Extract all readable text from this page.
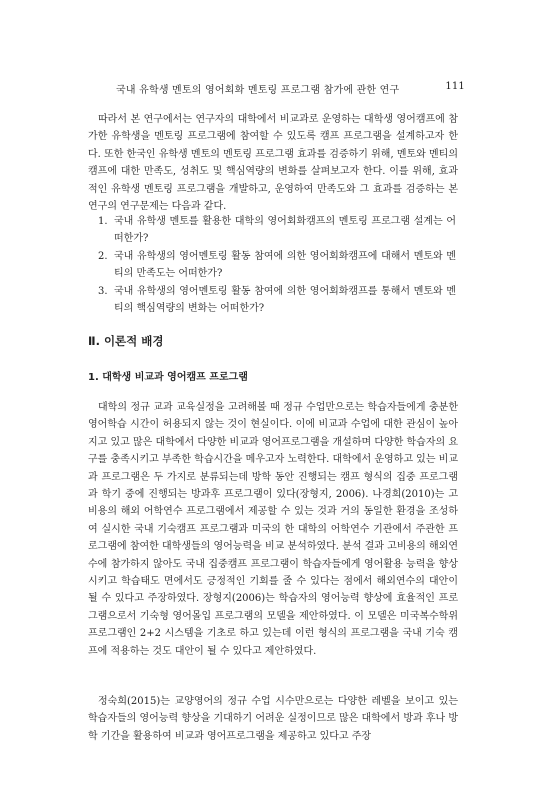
국내 유학생 멘토의 영어회화 멘토링 프로그램 참가에 관한 연구	111

따라서 본 연구에서는 연구자의 대학에서 비교과로 운영하는 대학생 영어캠프에 참가한 유학생을 멘토링 프로그램에 참여할 수 있도록 캠프 프로그램을 설계하고자 한다. 또한 한국인 유학생 멘토의 멘토링 프로그램 효과를 검증하기 위해, 멘토와 멘티의 캠프에 대한 만족도, 성취도 및 핵심역량의 변화를 살펴보고자 한다. 이를 위해, 효과적인 유학생 멘토링 프로그램을 개발하고, 운영하여 만족도와 그 효과를 검증하는 본 연구의 연구문제는 다음과 같다.

1. 국내 유학생 멘토를 활용한 대학의 영어회화캠프의 멘토링 프로그램 설계는 어떠한가?
2. 국내 유학생의 영어멘토링 활동 참여에 의한 영어회화캠프에 대해서 멘토와 멘티의 만족도는 어떠한가?
3. 국내 유학생의 영어멘토링 활동 참여에 의한 영어회화캠프를 통해서 멘토와 멘티의 핵심역량의 변화는 어떠한가?
Ⅱ. 이론적 배경
1. 대학생 비교과 영어캠프 프로그램

대학의 정규 교과 교육실정을 고려해볼 때 정규 수업만으로는 학습자들에게 충분한 영어학습 시간이 허용되지 않는 것이 현실이다. 이에 비교과 수업에 대한 관심이 높아지고 있고 많은 대학에서 다양한 비교과 영어프로그램을 개설하며 다양한 학습자의 요구를 충족시키고 부족한 학습시간을 메우고자 노력한다. 대학에서 운영하고 있는 비교과 프로그램은 두 가지로 분류되는데 방학 동안 진행되는 캠프 형식의 집중 프로그램과 학기 중에 진행되는 방과후 프로그램이 있다(장형지, 2006). 나경희(2010)는 고비용의 해외 어학연수 프로그램에서 제공할 수 있는 것과 거의 동일한 환경을 조성하여 실시한 국내 기숙캠프 프로그램과 미국의 한 대학의 어학연수 기관에서 주관한 프로그램에 참여한 대학생들의 영어능력을 비교 분석하였다. 분석 결과 고비용의 해외연수에 참가하지 않아도 국내 집중캠프 프로그램이 학습자들에게 영어활용 능력을 향상시키고 학습태도 면에서도 긍정적인 기회를 줄 수 있다는 점에서 해외연수의 대안이 될 수 있다고 주장하였다. 장형지(2006)는 학습자의 영어능력 향상에 효율적인 프로그램으로서 기숙형 영어몰입 프로그램의 모델을 제안하였다. 이 모델은 미국복수학위 프로그램인 2+2 시스템을 기초로 하고 있는데 이런 형식의 프로그램을 국내 기숙 캠프에 적용하는 것도 대안이 될 수 있다고 제안하였다.

정숙희(2015)는 교양영어의 정규 수업 시수만으로는 다양한 레벨을 보이고 있는 학습자들의 영어능력 향상을 기대하기 어려운 실정이므로 많은 대학에서 방과 후나 방학 기간을 활용하여 비교과 영어프로그램을 제공하고 있다고 주장
